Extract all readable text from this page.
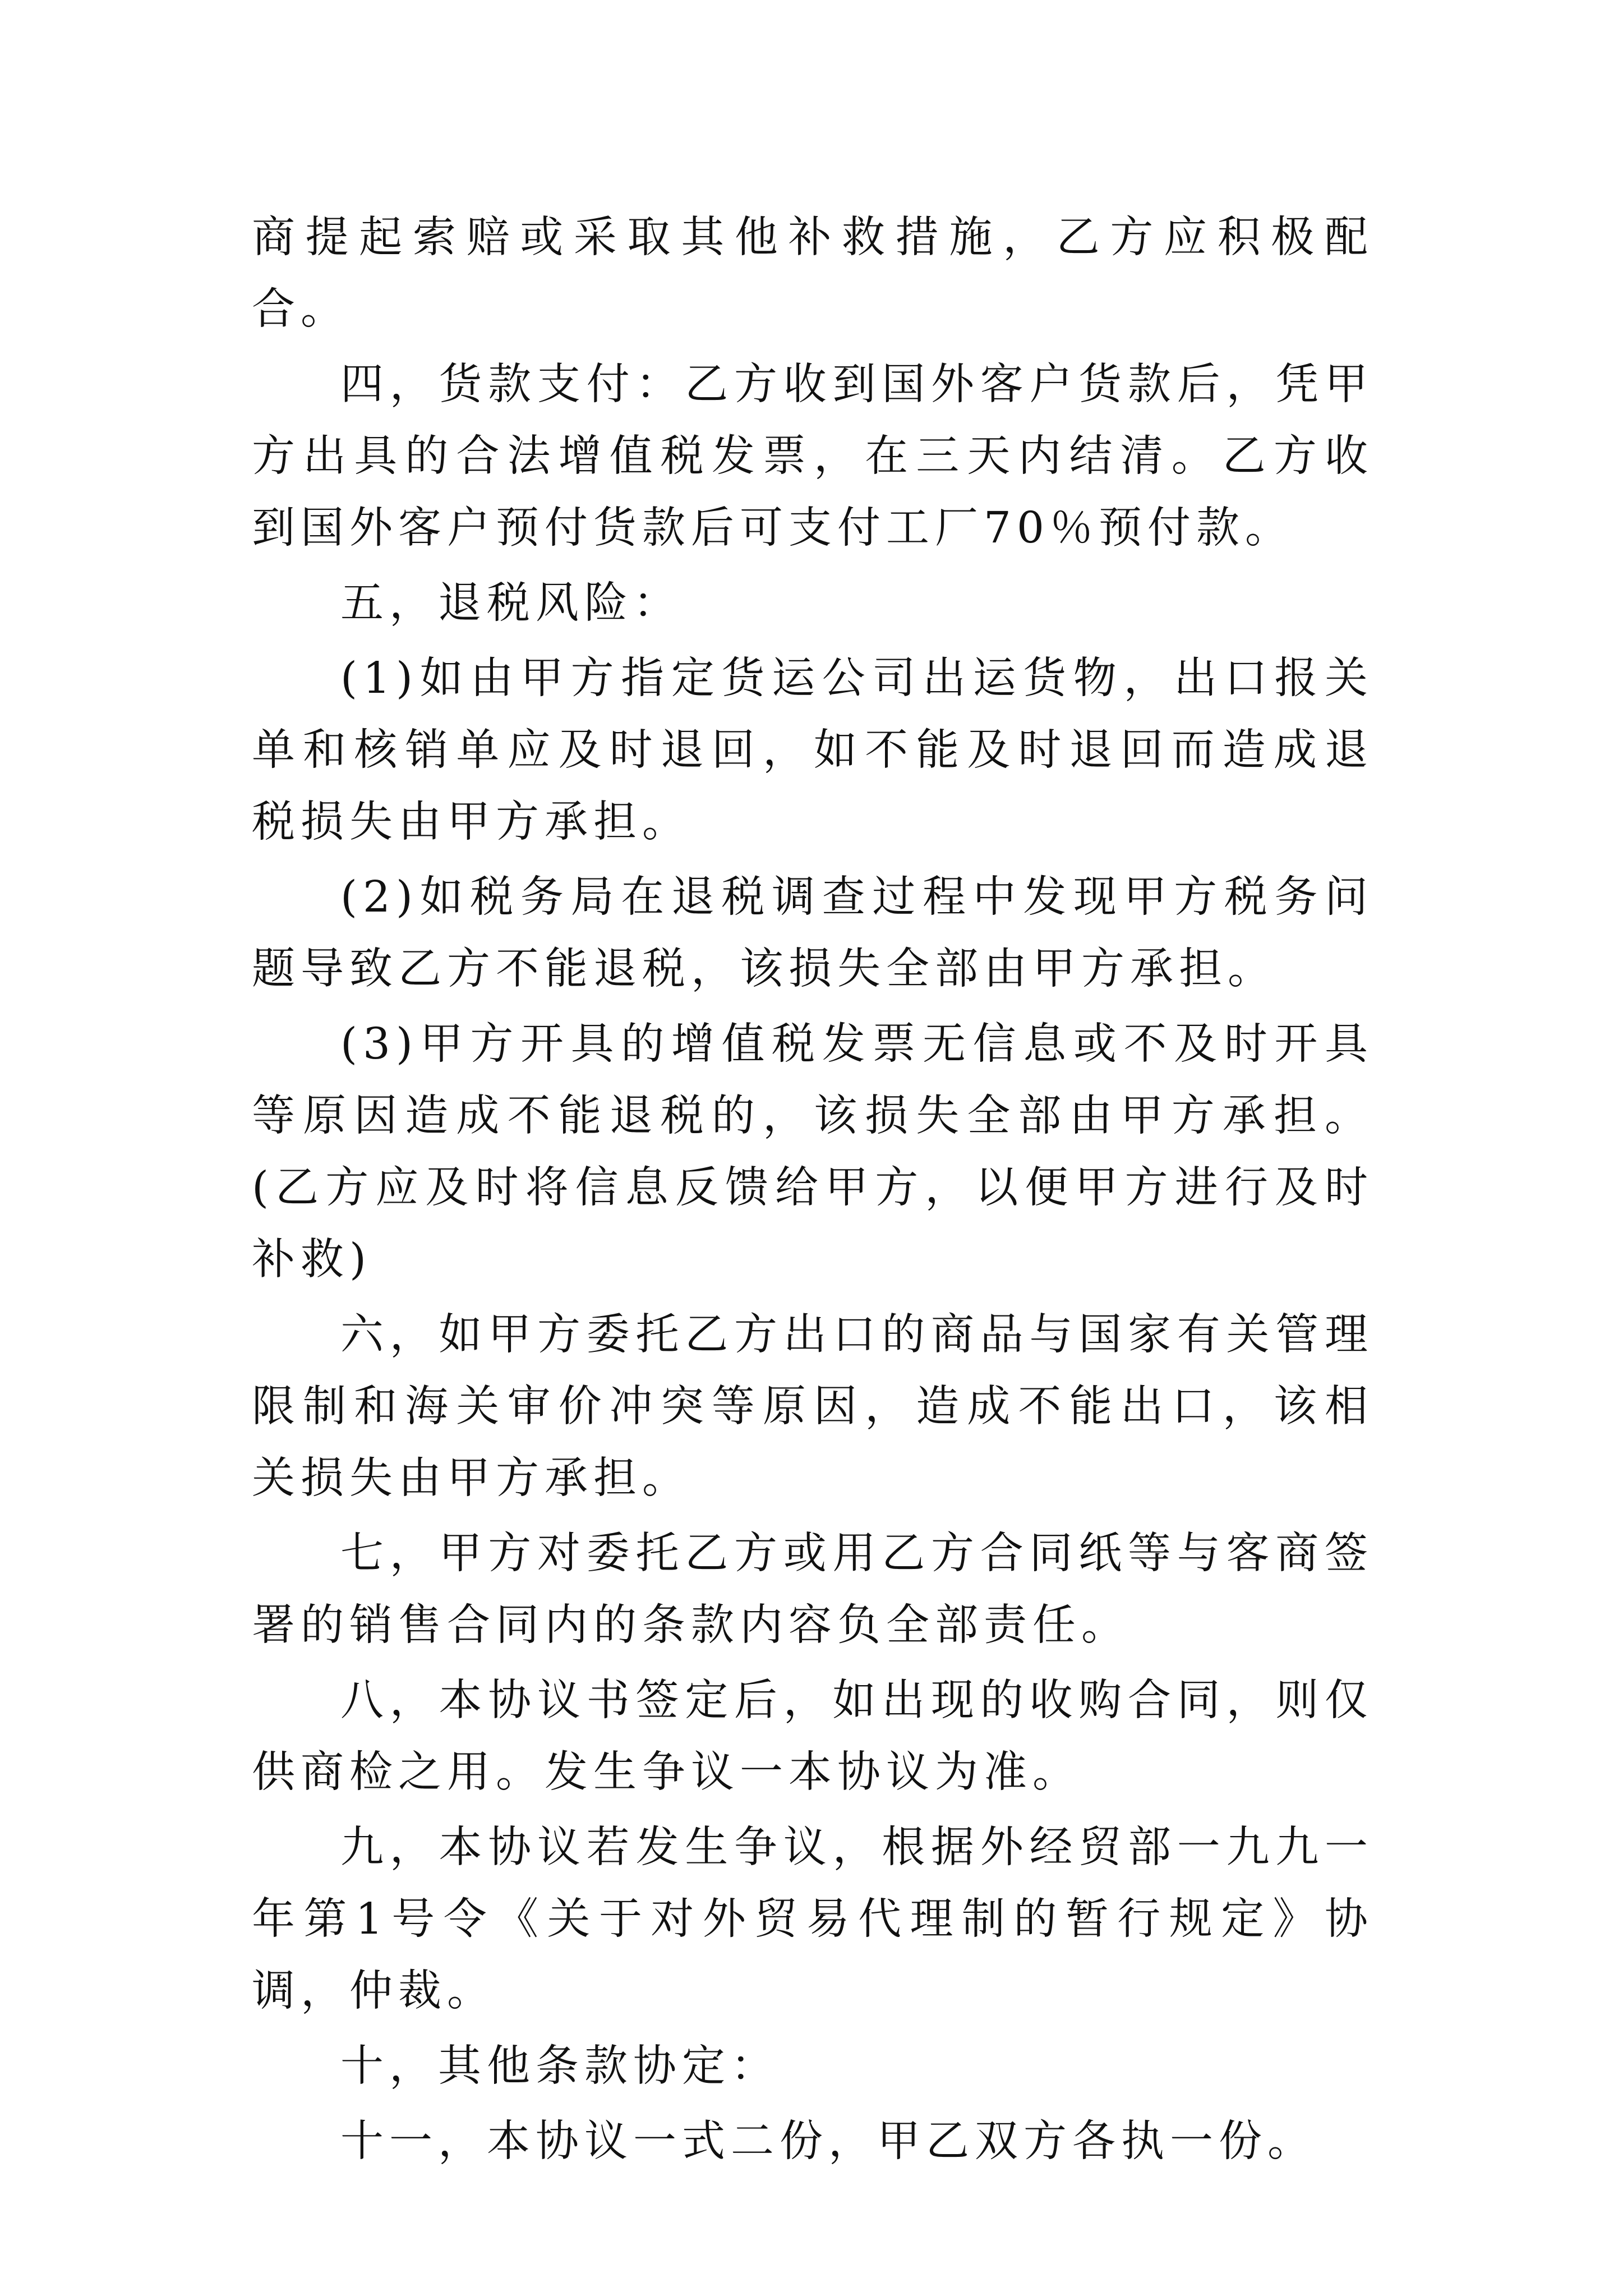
商提起索赔或采取其他补救措施，乙方应积极配合。

四，货款支付：乙方收到国外客户货款后，凭甲方出具的合法增值税发票，在三天内结清。乙方收到国外客户预付货款后可支付工厂70％预付款。

五，退税风险：

(1)如由甲方指定货运公司出运货物，出口报关单和核销单应及时退回，如不能及时退回而造成退税损失由甲方承担。

(2)如税务局在退税调查过程中发现甲方税务问题导致乙方不能退税，该损失全部由甲方承担。

(3)甲方开具的增值税发票无信息或不及时开具等原因造成不能退税的，该损失全部由甲方承担。(乙方应及时将信息反馈给甲方，以便甲方进行及时补救)

六，如甲方委托乙方出口的商品与国家有关管理限制和海关审价冲突等原因，造成不能出口，该相关损失由甲方承担。

七，甲方对委托乙方或用乙方合同纸等与客商签署的销售合同内的条款内容负全部责任。

八，本协议书签定后，如出现的收购合同，则仅供商检之用。发生争议一本协议为准。

九，本协议若发生争议，根据外经贸部一九九一年第1号令《关于对外贸易代理制的暂行规定》协调，仲裁。

十，其他条款协定：

十一，本协议一式二份，甲乙双方各执一份。
